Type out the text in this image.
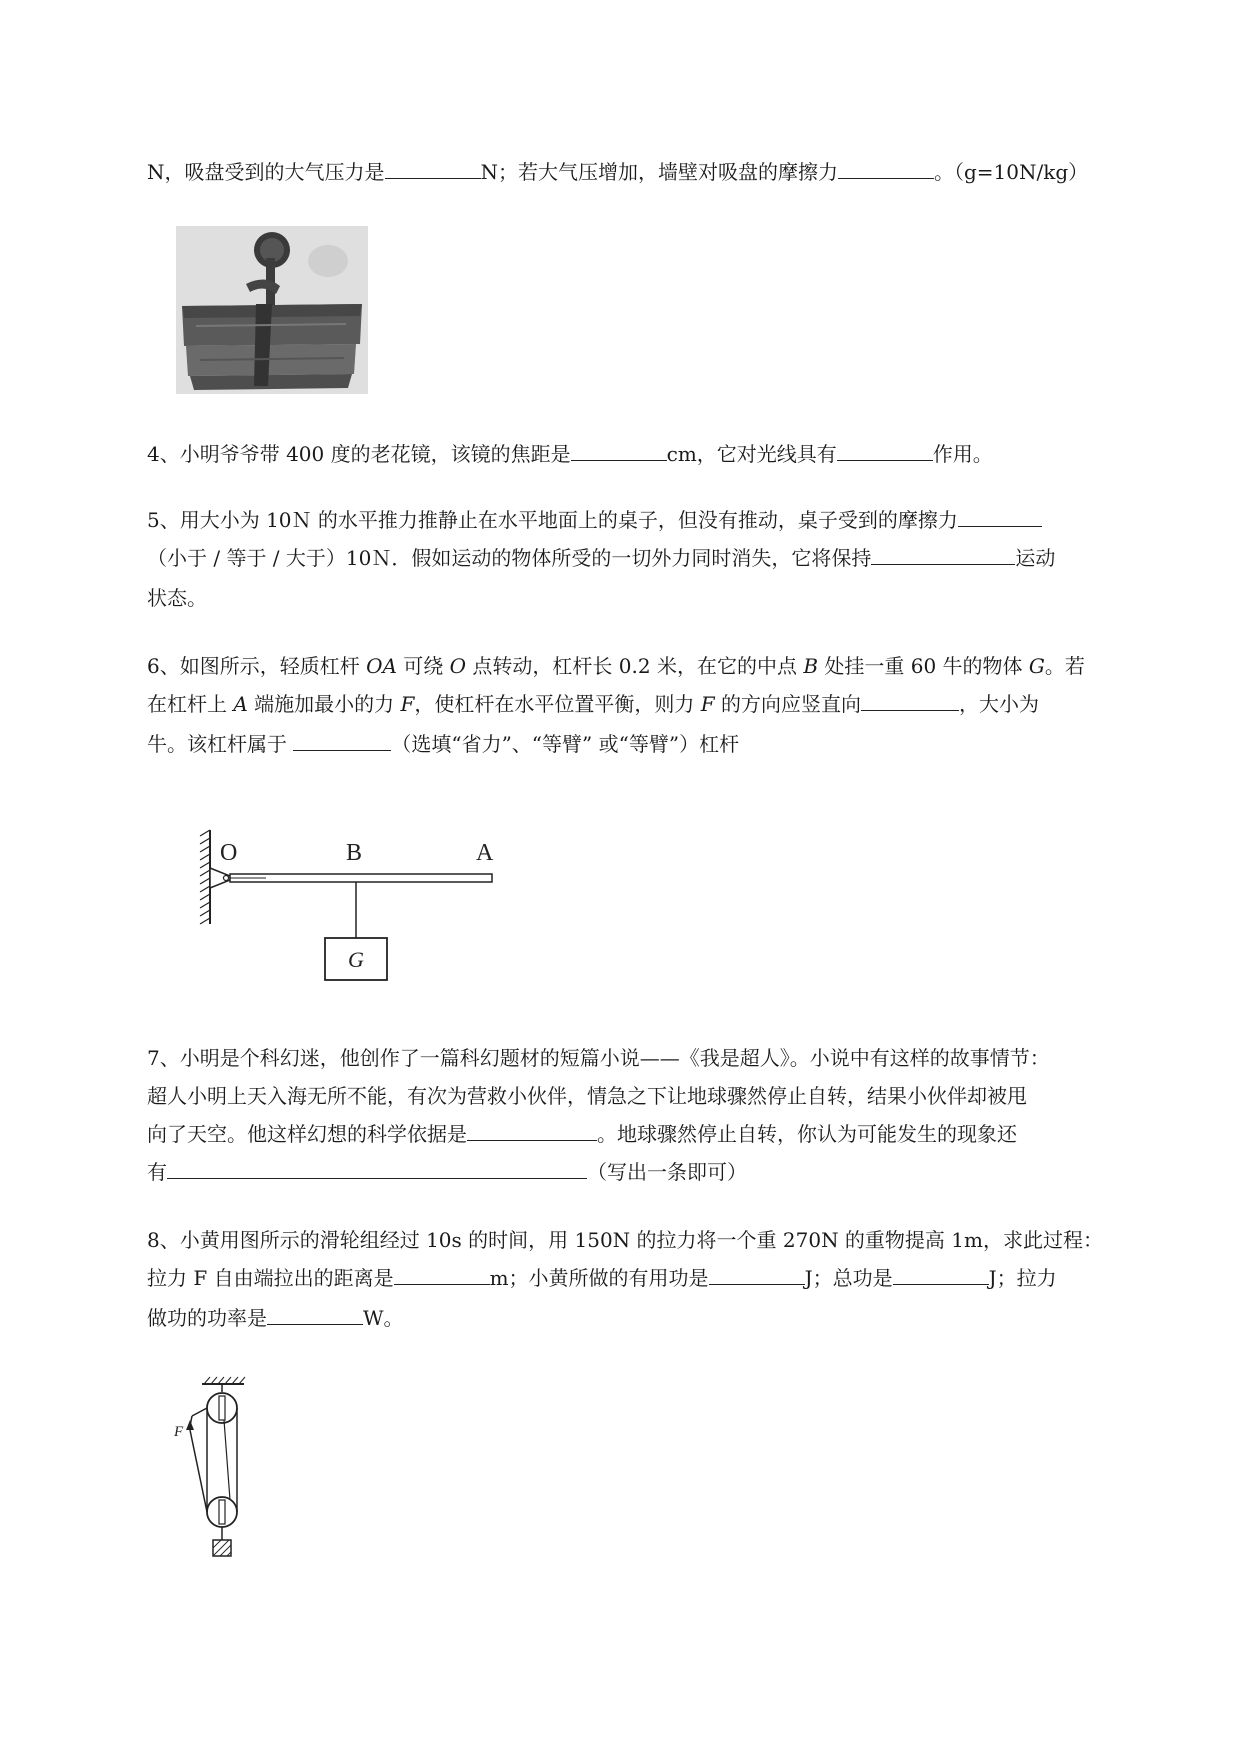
N，吸盘受到的大气压力是	N；若大气压增加，墙壁对吸盘的摩擦力	。（g=10N/kg）
4、小明爷爷带 400 度的老花镜，该镜的焦距是	cm，它对光线具有	作用。
5、用大小为 10Ｎ 的水平推力推静止在水平地面上的桌子，但没有推动，桌子受到的摩擦力
（小于 / 等于 / 大于）10Ｎ．假如运动的物体所受的一切外力同时消失，它将保持	运动
状态。
6、如图所示，轻质杠杆 OA 可绕 O 点转动，杠杆长 0.2 米，在它的中点 B 处挂一重 60 牛的物体 G。若
在杠杆上 A 端施加最小的力 F，使杠杆在水平位置平衡，则力 F 的方向应竖直向	，大小为
牛。该杠杆属于	（选填“省力”、“等臂” 或“等臂”）杠杆
G
O	B	A
7、小明是个科幻迷，他创作了一篇科幻题材的短篇小说——《我是超人》。小说中有这样的故事情节：
超人小明上天入海无所不能，有次为营救小伙伴，情急之下让地球骤然停止自转，结果小伙伴却被甩
向了天空。他这样幻想的科学依据是	。地球骤然停止自转，你认为可能发生的现象还
有	（写出一条即可）
8、小黄用图所示的滑轮组经过 10s 的时间，用 150N 的拉力将一个重 270N 的重物提高 1m，求此过程：
拉力 F 自由端拉出的距离是	m；小黄所做的有用功是	J；总功是	J；拉力
做功的功率是	W。
F
